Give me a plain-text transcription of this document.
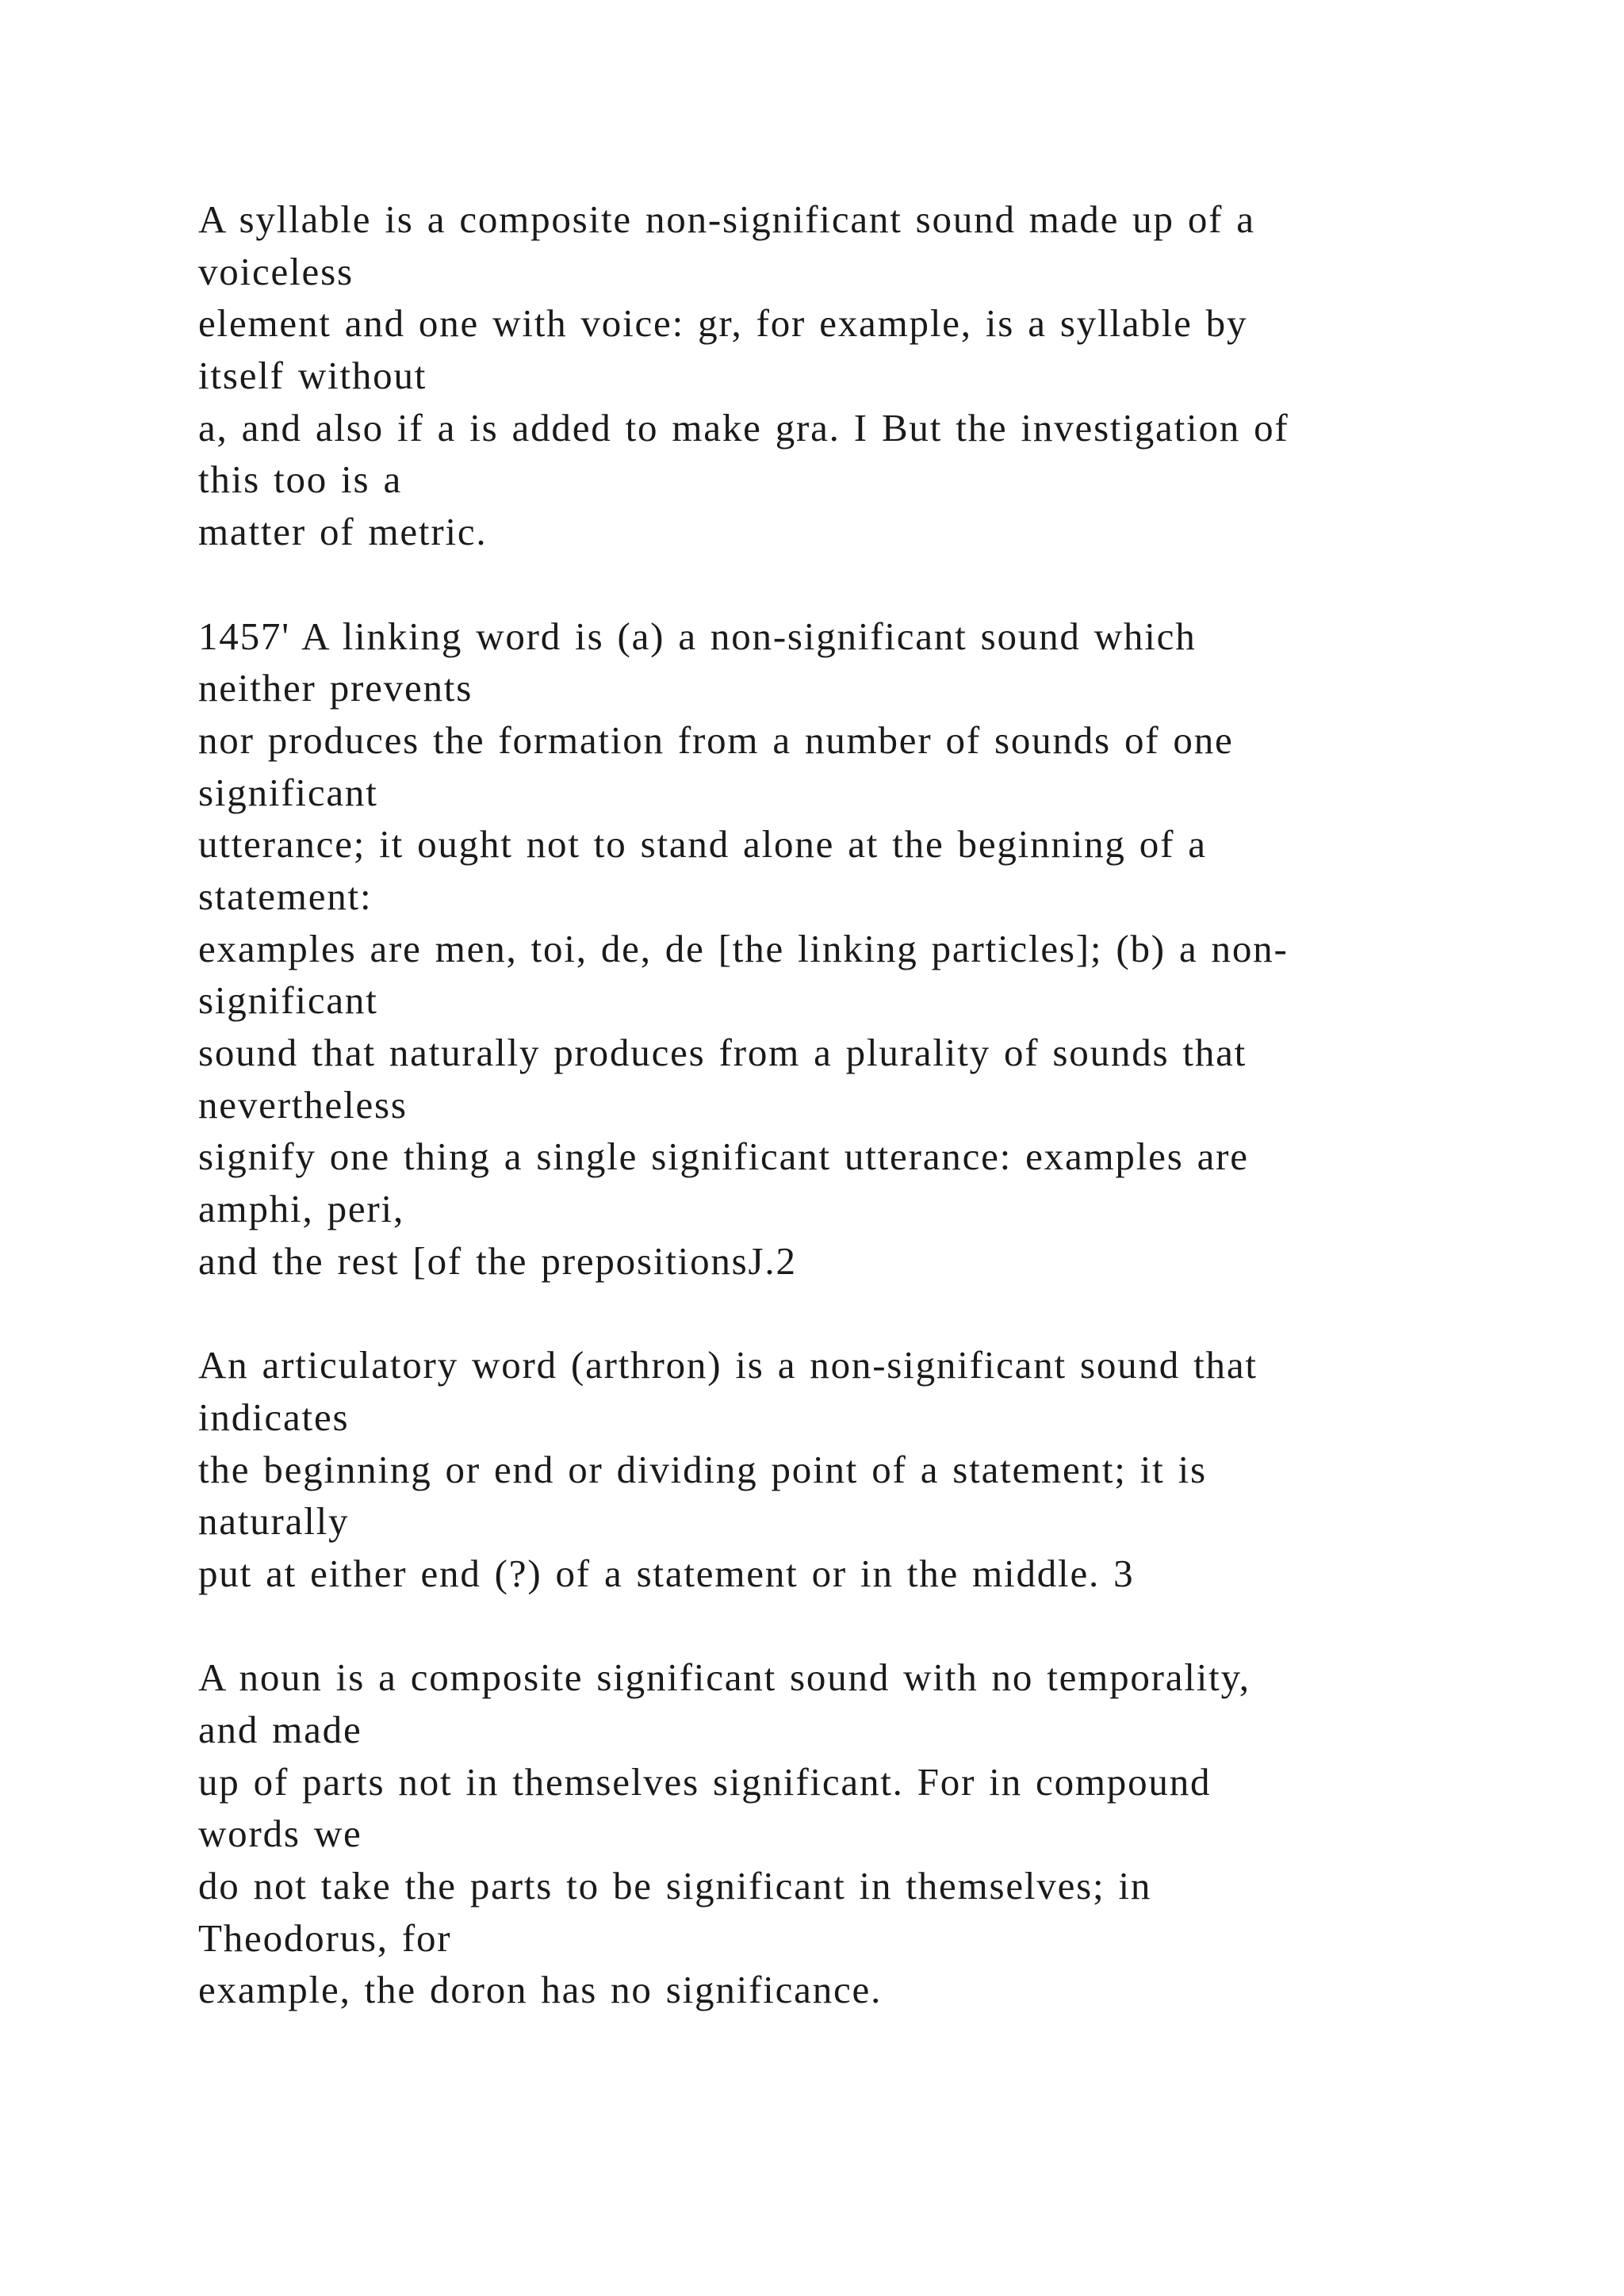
A syllable is a composite non-significant sound made up of a
voiceless
element and one with voice: gr, for example, is a syllable by
itself without
a, and also if a is added to make gra. I But the investigation of
this too is a
matter of metric.
1457' A linking word is (a) a non-significant sound which
neither prevents
nor produces the formation from a number of sounds of one
significant
utterance; it ought not to stand alone at the beginning of a
statement:
examples are men, toi, de, de [the linking particles]; (b) a non-
significant
sound that naturally produces from a plurality of sounds that
nevertheless
signify one thing a single significant utterance: examples are
amphi, peri,
and the rest [of the prepositionsJ.2
An articulatory word (arthron) is a non-significant sound that
indicates
the beginning or end or dividing point of a statement; it is
naturally
put at either end (?) of a statement or in the middle. 3
A noun is a composite significant sound with no temporality,
and made
up of parts not in themselves significant. For in compound
words we
do not take the parts to be significant in themselves; in
Theodorus, for
example, the doron has no significance.
